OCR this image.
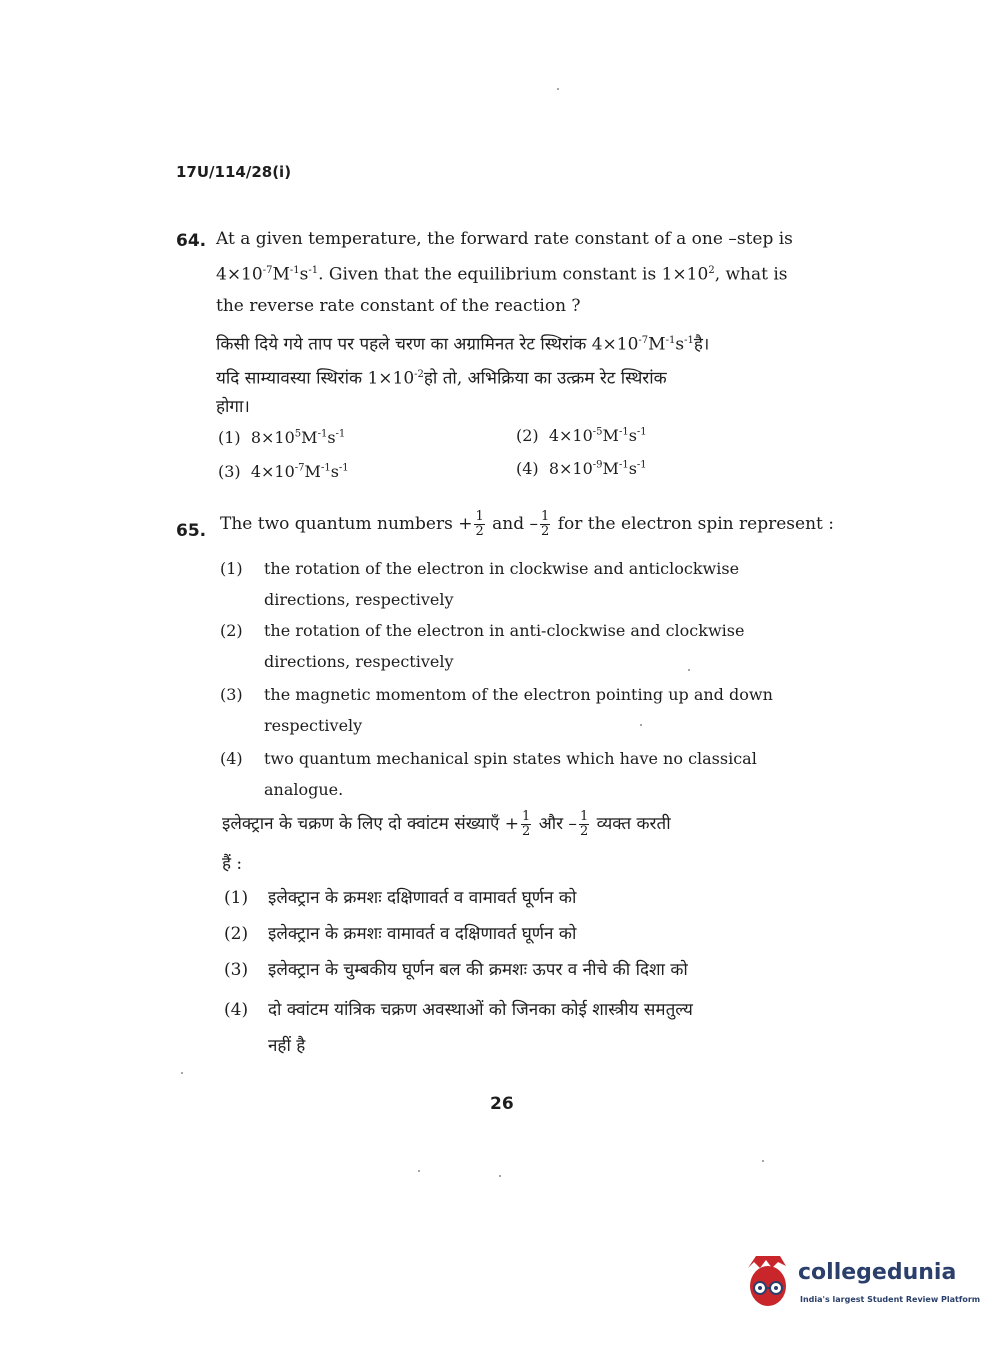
17U/114/28(i)
64. At a given temperature, the forward rate constant of a one –step is
$4\times 10^{-7}M^{-1}s^{-1}$. Given that the equilibrium constant is $1\times 10^2$, what is
the reverse rate constant of the reaction ?
किसी दिये गये ताप पर पहले चरण का अग्रामिनत रेट स्थिरांक $4\times 10^{-7}M^{-1}s^{-1}है।$
यदि साम्यावस्या स्थिरांक $1\times 10^{-2}हो$ तो, अभिक्रिया का उत्क्रम रेट स्थिरांक
होगा।
(1) $8\times 10^5M^{-1}s^{-1}$	(2) $4\times 10^{-5}M^{-1}s^{-1}$
(3) $4\times 10^{-7}M^{-1}s^{-1}$	(4) $8\times 10^{-9}M^{-1}s^{-1}$
65. The two quantum numbers + $\frac{1}{2}$ and – $\frac{1}{2}$ for the electron spin represent :
(1) the rotation of the electron in clockwise and anticlockwise
directions, respectively
(2) the rotation of the electron in anti-clockwise and clockwise
directions, respectively
(3) the magnetic momentom of the electron pointing up and down
respectively
(4) two quantum mechanical spin states which have no classical
analogue.
इलेक्ट्रान के चक्रण के लिए दो क्वांटम संख्याएँ + $\frac{1}{2}$ और – $\frac{1}{2}$ व्यक्त करती
हैं :
(1) इलेक्ट्रान के क्रमशः दक्षिणावर्त व वामावर्त घूर्णन को
(2) इलेक्ट्रान के क्रमशः वामावर्त व दक्षिणावर्त घूर्णन को
(3) इलेक्ट्रान के चुम्बकीय घूर्णन बल की क्रमशः ऊपर व नीचे की दिशा को
(4) दो क्वांटम यांत्रिक चक्रण अवस्थाओं को जिनका कोई शास्त्रीय समतुल्य
नहीं है
26
collegedunia
India's largest Student Review Platform
